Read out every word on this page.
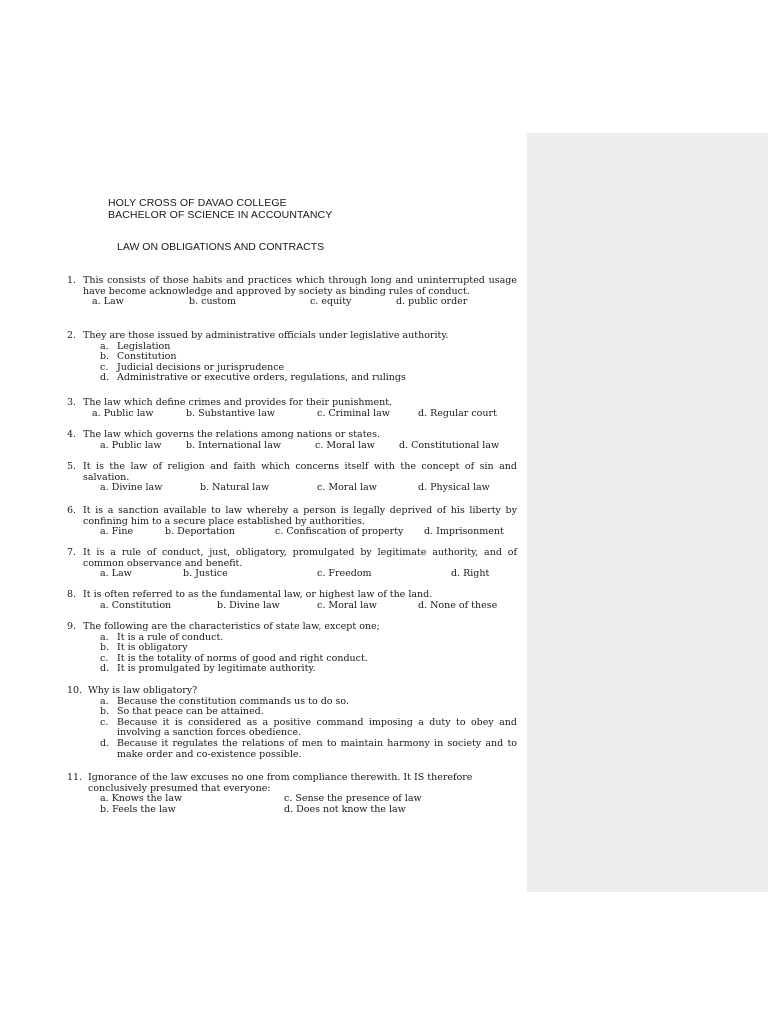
HOLY CROSS OF DAVAO COLLEGE
BACHELOR OF SCIENCE IN ACCOUNTANCY
LAW ON OBLIGATIONS AND CONTRACTS
1. This consists of those habits and practices which through long and uninterrupted usage have become acknowledge and approved by society as binding rules of conduct.
a. Law	b. custom	c. equity	d. public order
2. They are those issued by administrative officials under legislative authority.
a. Legislation
b. Constitution
c. Judicial decisions or jurisprudence
d. Administrative or executive orders, regulations, and rulings
3. The law which define crimes and provides for their punishment.
a. Public law	b. Substantive law	c. Criminal law	d. Regular court
4. The law which governs the relations among nations or states.
a. Public law	b. International law	c. Moral law	d. Constitutional law
5. It is the law of religion and faith which concerns itself with the concept of sin and salvation.
a. Divine law	b. Natural law	c. Moral law	d. Physical law
6. It is a sanction available to law whereby a person is legally deprived of his liberty by confining him to a secure place established by authorities.
a. Fine	b. Deportation	c. Confiscation of property d. Imprisonment
7. It is a rule of conduct, just, obligatory, promulgated by legitimate authority, and of common observance and benefit.
a. Law	b. Justice	c. Freedom	d. Right
8. It is often referred to as the fundamental law, or highest law of the land.
a. Constitution	b. Divine law	c. Moral law	d. None of these
9. The following are the characteristics of state law, except one;
a. It is a rule of conduct.
b. It is obligatory
c. It is the totality of norms of good and right conduct.
d. It is promulgated by legitimate authority.
10. Why is law obligatory?
a. Because the constitution commands us to do so.
b. So that peace can be attained.
c. Because it is considered as a positive command imposing a duty to obey and involving a sanction forces obedience.
d. Because it regulates the relations of men to maintain harmony in society and to make order and co-existence possible.
11. Ignorance of the law excuses no one from compliance therewith. It IS therefore conclusively presumed that everyone:
a. Knows the law	c. Sense the presence of law
b. Feels the law	d. Does not know the law
